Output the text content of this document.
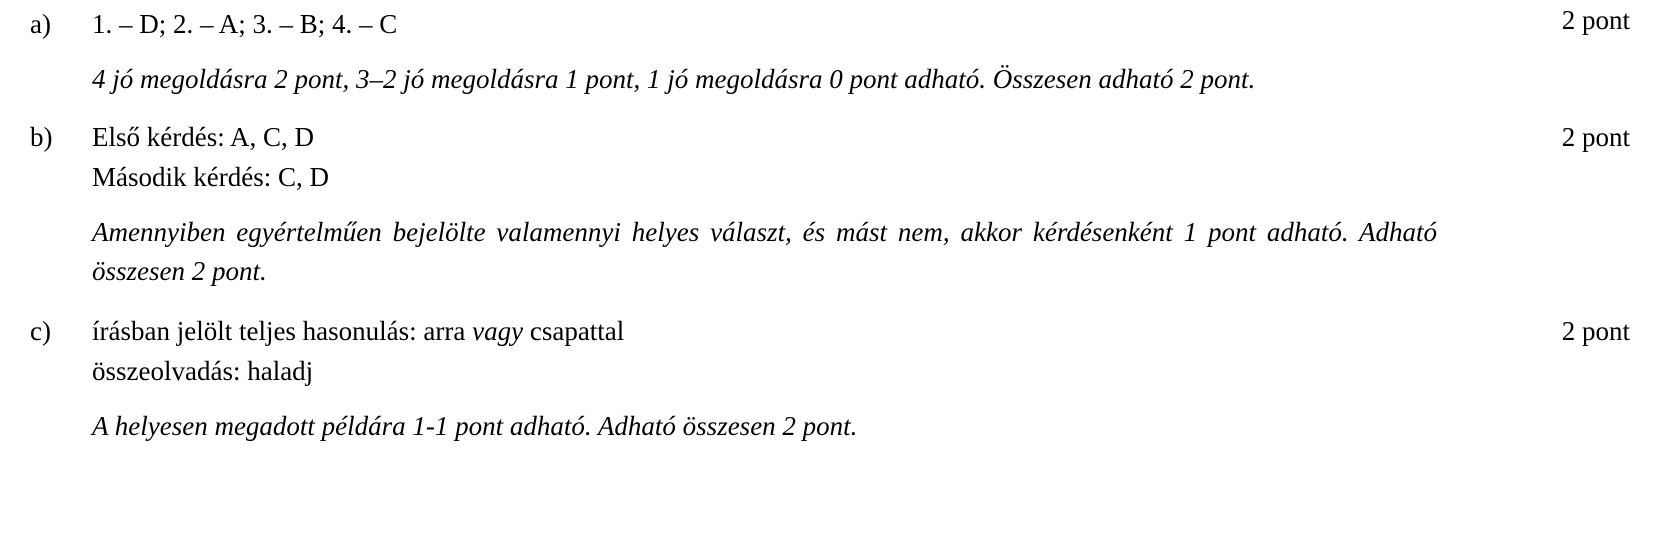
a)	1. – D; 2. – A; 3. – B; 4. – C
4 jó megoldásra 2 pont, 3–2 jó megoldásra 1 pont, 1 jó megoldásra 0 pont adható. Összesen adható 2 pont.
2 pont
b)	Első kérdés: A, C, D
Második kérdés: C, D
Amennyiben egyértelműen bejelölte valamennyi helyes választ, és mást nem, akkor kérdésenként 1 pont adható. Adható összesen 2 pont.
2 pont
c)	írásban jelölt teljes hasonulás: arra vagy csapattal
összeolvadás: haladj
A helyesen megadott példára 1-1 pont adható. Adható összesen 2 pont.
2 pont
